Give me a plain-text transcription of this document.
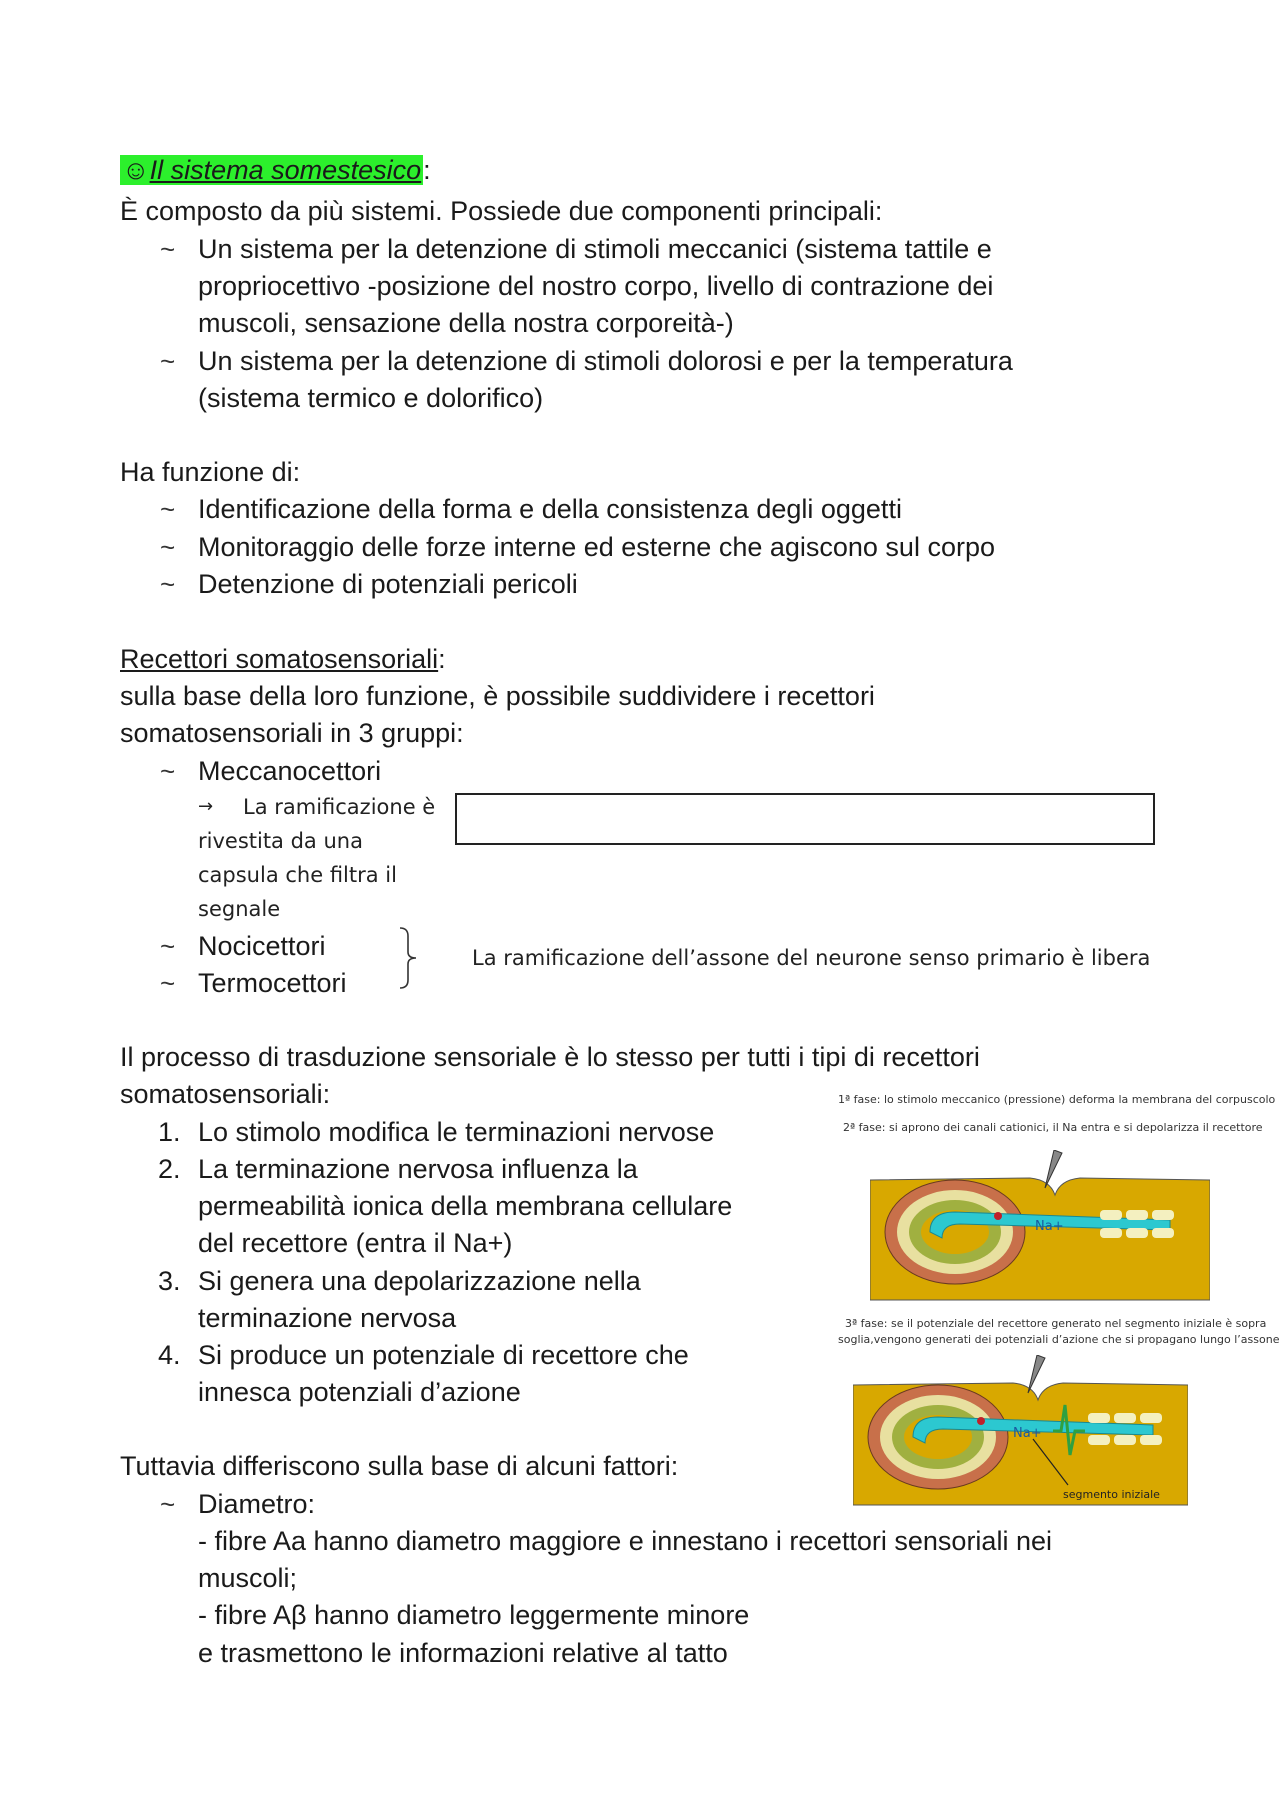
☺Il sistema somestesico:
È composto da più sistemi. Possiede due componenti principali:
~ Un sistema per la detenzione di stimoli meccanici (sistema tattile e
propriocettivo -posizione del nostro corpo, livello di contrazione dei
muscoli, sensazione della nostra corporeità-)
~ Un sistema per la detenzione di stimoli dolorosi e per la temperatura
(sistema termico e dolorifico)
Ha funzione di:
~ Identificazione della forma e della consistenza degli oggetti
~ Monitoraggio delle forze interne ed esterne che agiscono sul corpo
~ Detenzione di potenziali pericoli
Recettori somatosensoriali:
sulla base della loro funzione, è possibile suddividere i recettori
somatosensoriali in 3 gruppi:
~ Meccanocettori
→ La ramificazione è
rivestita da una
capsula che filtra il
segnale
~ Nocicettori
~ Termocettori
La ramificazione dell’assone del neurone senso primario è libera
Il processo di trasduzione sensoriale è lo stesso per tutti i tipi di recettori
somatosensoriali:
1. Lo stimolo modifica le terminazioni nervose
2. La terminazione nervosa influenza la
permeabilità ionica della membrana cellulare
del recettore (entra il Na+)
3. Si genera una depolarizzazione nella
terminazione nervosa
4. Si produce un potenziale di recettore che
innesca potenziali d’azione
1ª fase: lo stimolo meccanico (pressione) deforma la membrana del corpuscolo
2ª fase: si aprono dei canali cationici, il Na entra e si depolarizza il recettore
Na+
3ª fase: se il potenziale del recettore generato nel segmento iniziale è sopra
soglia,vengono generati dei potenziali d’azione che si propagano lungo l’assone
Na+
segmento iniziale
Tuttavia differiscono sulla base di alcuni fattori:
~ Diametro:
- fibre Aa hanno diametro maggiore e innestano i recettori sensoriali nei
muscoli;
- fibre Aβ hanno diametro leggermente minore
e trasmettono le informazioni relative al tatto
